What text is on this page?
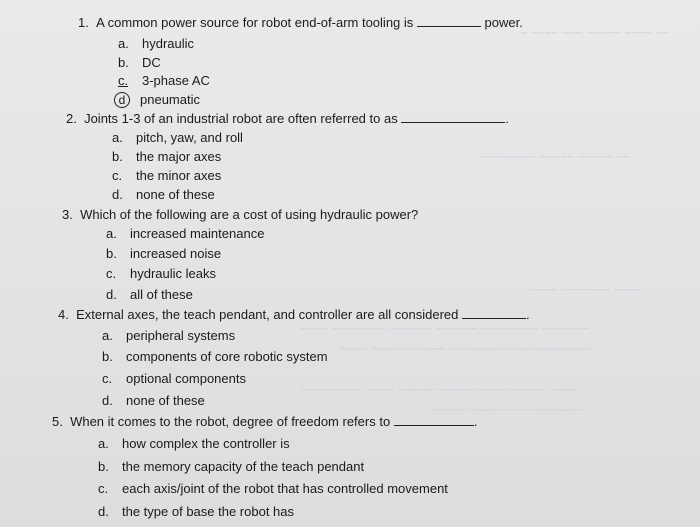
~ ~~~~ ~~~ ~~~~~ ~~~~ ~~
~~~~~~~~ ~~~~~ ~~~~~ ~~
~~~~ ~~~~~~~ ~~~~
~~~~ ~~~~~~~~ ~~~~~~ ~~~~~~ ~~~~~~~~ ~~~~~~~
~~~~ ~~~~~ ~~~~~ ~~~~~~~~~ ~~~~~~~~~~~
~~~~~~~~~ ~~~~ ~~~~~ ~~~~~~ ~~~~ ~~~~~ ~~~~
~~~~~ ~~~~~~ ~~~~~~~~~~
1. A common power source for robot end-of-arm tooling is	power.
a. hydraulic
b. DC
c. 3-phase AC
d pneumatic
2. Joints 1-3 of an industrial robot are often referred to as	.
a. pitch, yaw, and roll
b. the major axes
c. the minor axes
d. none of these
3. Which of the following are a cost of using hydraulic power?
a. increased maintenance
b. increased noise
c. hydraulic leaks
d. all of these
4. External axes, the teach pendant, and controller are all considered	.
a. peripheral systems
b. components of core robotic system
c. optional components
d. none of these
5. When it comes to the robot, degree of freedom refers to	.
a. how complex the controller is
b. the memory capacity of the teach pendant
c. each axis/joint of the robot that has controlled movement
d. the type of base the robot has
